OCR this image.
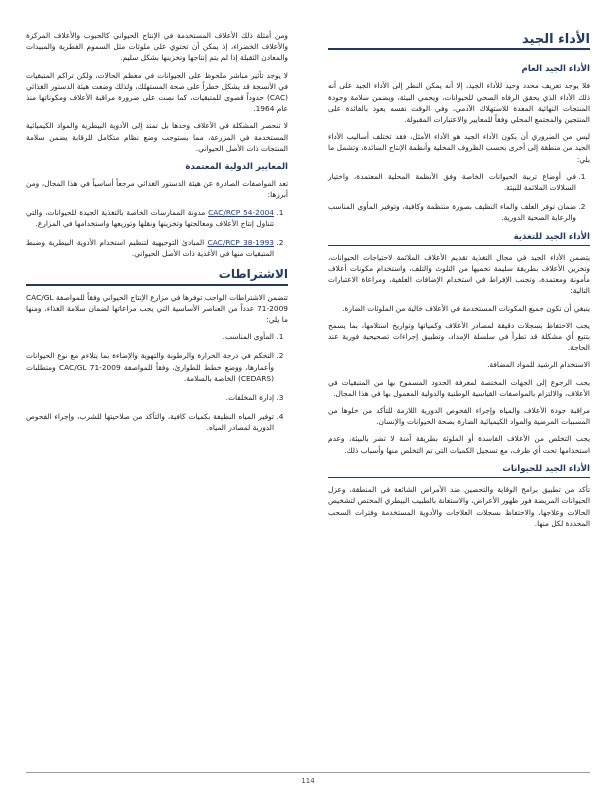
الأداء الجيد
الأداء الجيد العام

فلا يوجد تعريف محدد وحيد للأداء الجيد، إلا أنه يمكن النظر إلى الأداء الجيد على أنه ذلك الأداء الذي يحقق الرفاه الصحي للحيوانات، ويحمي البيئة، ويضمن سلامة وجودة المنتجات النهائية المعدة للاستهلاك الآدمي، وفي الوقت نفسه يعود بالفائدة على المنتجين والمجتمع المحلي وفقاً للمعايير والاعتبارات المقبولة.

ليس من الضروري أن يكون الأداء الجيد هو الأداء الأمثل، فقد تختلف أساليب الأداء الجيد من منطقة إلى أخرى بحسب الظروف المحلية وأنظمة الإنتاج السائدة، وتشمل ما يلي:

1. في أوضاع تربية الحيوانات الخاصة وفق الأنظمة المحلية المعتمدة، واختيار السلالات الملائمة للبيئة.
2. ضمان توفر العلف والماء النظيف بصورة منتظمة وكافية، وتوفير المأوى المناسب والرعاية الصحية الدورية.
الأداء الجيد للتغذية

يتضمن الأداء الجيد في مجال التغذية تقديم الأعلاف الملائمة لاحتياجات الحيوانات، وتخزين الأعلاف بطريقة سليمة تحميها من التلوث والتلف، واستخدام مكونات أعلاف مأمونة ومعتمدة، وتجنب الإفراط في استخدام الإضافات العلفية، ومراعاة الاعتبارات التالية:

ينبغي أن تكون جميع المكونات المستخدمة في الأعلاف خالية من الملوثات الضارة.

يجب الاحتفاظ بسجلات دقيقة لمصادر الأعلاف وكمياتها وتواريخ استلامها، بما يسمح بتتبع أي مشكلة قد تطرأ في سلسلة الإمداد، وتطبيق إجراءات تصحيحية فورية عند الحاجة.

الاستخدام الرشيد للمواد المضافة.

يجب الرجوع إلى الجهات المختصة لمعرفة الحدود المسموح بها من المتبقيات في الأعلاف، والالتزام بالمواصفات القياسية الوطنية والدولية المعمول بها في هذا المجال.

مراقبة جودة الأعلاف والمياه وإجراء الفحوص الدورية اللازمة للتأكد من خلوها من المسببات المرضية والمواد الكيميائية الضارة بصحة الحيوانات والإنسان.

يجب التخلص من الأعلاف الفاسدة أو الملوثة بطريقة آمنة لا تضر بالبيئة، وعدم استخدامها تحت أي ظرف، مع تسجيل الكميات التي تم التخلص منها وأسباب ذلك.

الأداء الجيد للحيوانات

تأكد من تطبيق برامج الوقاية والتحصين ضد الأمراض الشائعة في المنطقة، وعزل الحيوانات المريضة فور ظهور الأعراض، والاستعانة بالطبيب البيطري المختص لتشخيص الحالات وعلاجها، والاحتفاظ بسجلات العلاجات والأدوية المستخدمة وفترات السحب المحددة لكل منها.

ومن أمثلة ذلك الأعلاف المستخدمة في الإنتاج الحيواني كالحبوب والأعلاف المركزة والأعلاف الخضراء، إذ يمكن أن تحتوي على ملوثات مثل السموم الفطرية والمبيدات والمعادن الثقيلة إذا لم يتم إنتاجها وتخزينها بشكل سليم.

لا يوجد تأثير مباشر ملحوظ على الحيوانات في معظم الحالات، ولكن تراكم المتبقيات في الأنسجة قد يشكل خطراً على صحة المستهلك، ولذلك وضعت هيئة الدستور الغذائي (CAC) حدوداً قصوى للمتبقيات، كما نصت على ضرورة مراقبة الأعلاف ومكوناتها منذ عام 1964.

لا تنحصر المشكلة في الأعلاف وحدها بل تمتد إلى الأدوية البيطرية والمواد الكيميائية المستخدمة في المزرعة، مما يستوجب وضع نظام متكامل للرقابة يضمن سلامة المنتجات ذات الأصل الحيواني.

المعايير الدولية المعتمدة

تعد المواصفات الصادرة عن هيئة الدستور الغذائي مرجعاً أساسياً في هذا المجال، ومن أبرزها:

1. CAC/RCP 54-2004 مدونة الممارسات الخاصة بالتغذية الجيدة للحيوانات، والتي تتناول إنتاج الأعلاف ومعالجتها وتخزينها ونقلها وتوزيعها واستخدامها في المزارع.
2. CAC/RCP 38-1993 المبادئ التوجيهية لتنظيم استخدام الأدوية البيطرية وضبط المتبقيات منها في الأغذية ذات الأصل الحيواني.
الاشتراطات

تتضمن الاشتراطات الواجب توفرها في مزارع الإنتاج الحيواني وفقاً للمواصفة CAC/GL 71-2009 عدداً من العناصر الأساسية التي يجب مراعاتها لضمان سلامة الغذاء، ومنها ما يلي:

1. المأوى المناسب.
2. التحكم في درجة الحرارة والرطوبة والتهوية والإضاءة بما يتلاءم مع نوع الحيوانات وأعمارها، ووضع خطط للطوارئ، وفقاً للمواصفة CAC/GL 71-2009 ومتطلبات (CEDARS) الخاصة بالسلامة.
3. إدارة المخلفات.
4. توفير المياه النظيفة بكميات كافية، والتأكد من صلاحيتها للشرب، وإجراء الفحوص الدورية لمصادر المياه.
114
